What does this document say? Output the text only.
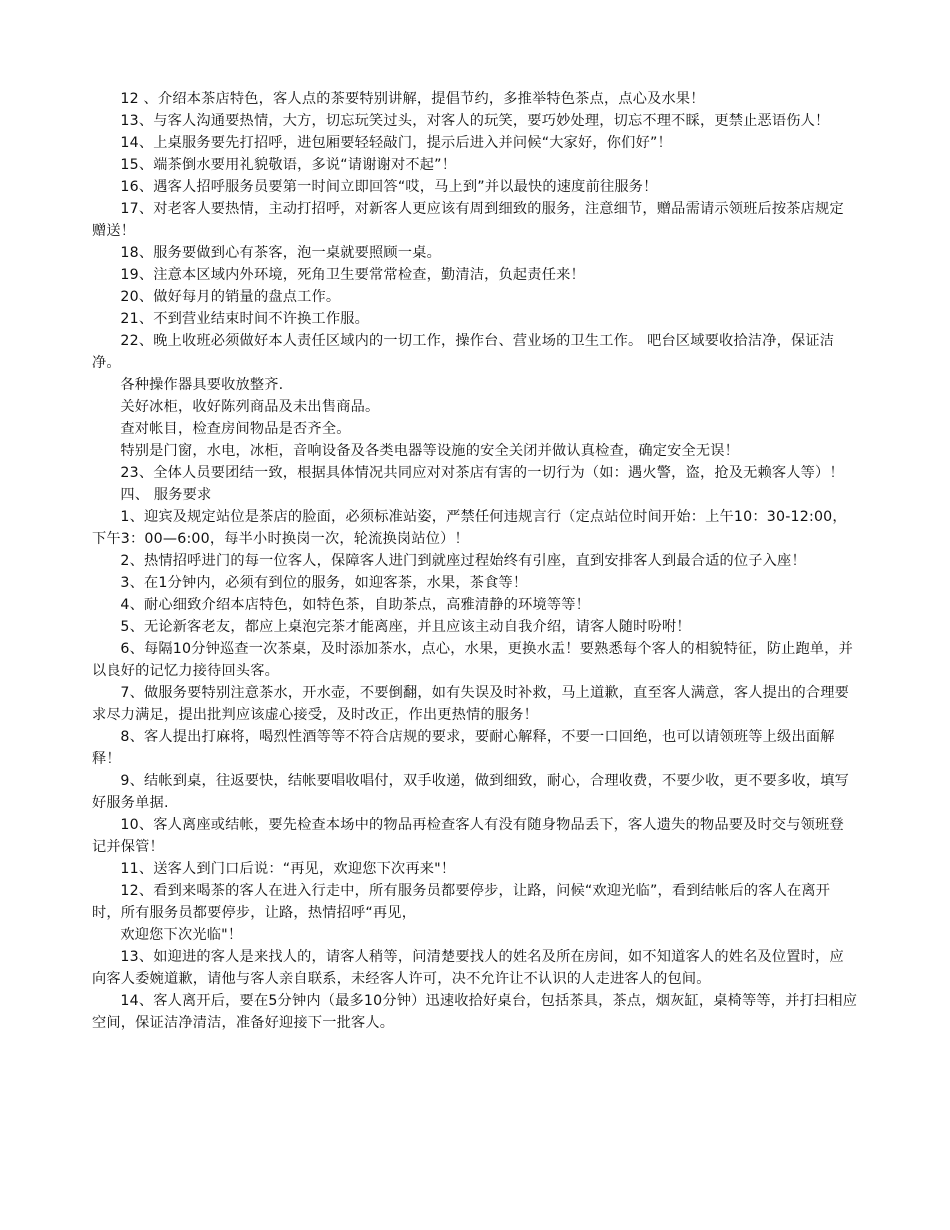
12 、介绍本茶店特色，客人点的茶要特别讲解，提倡节约，多推举特色茶点，点心及水果！

13、与客人沟通要热情，大方，切忘玩笑过头，对客人的玩笑，要巧妙处理，切忘不理不睬，更禁止恶语伤人！

14、上桌服务要先打招呼，进包厢要轻轻敲门，提示后进入并问候“大家好，你们好”！

15、端茶倒水要用礼貌敬语，多说“请谢谢对不起”！

16、遇客人招呼服务员要第一时间立即回答“哎，马上到”并以最快的速度前往服务！

17、对老客人要热情，主动打招呼，对新客人更应该有周到细致的服务，注意细节，赠品需请示领班后按茶店规定赠送！

18、服务要做到心有茶客，泡一桌就要照顾一桌。

19、注意本区域内外环境，死角卫生要常常检查，勤清洁，负起责任来！

20、做好每月的销量的盘点工作。

21、不到营业结束时间不许换工作服。

22、晚上收班必须做好本人责任区域内的一切工作，操作台、营业场的卫生工作。 吧台区域要收拾洁净，保证洁净。

各种操作器具要收放整齐.

关好冰柜，收好陈列商品及未出售商品。

查对帐目，检查房间物品是否齐全。

特别是门窗，水电，冰柜，音响设备及各类电器等设施的安全关闭并做认真检查，确定安全无误！

23、全体人员要团结一致，根据具体情况共同应对对茶店有害的一切行为（如：遇火警，盗，抢及无赖客人等）！

四、 服务要求

1、迎宾及规定站位是茶店的脸面，必须标准站姿，严禁任何违规言行（定点站位时间开始：上午10：30-12:00，下午3：00—6:00，每半小时换岗一次，轮流换岗站位）！

2、热情招呼进门的每一位客人，保障客人进门到就座过程始终有引座，直到安排客人到最合适的位子入座！

3、在1分钟内，必须有到位的服务，如迎客茶，水果，茶食等！

4、耐心细致介绍本店特色，如特色茶，自助茶点，高雅清静的环境等等！

5、无论新客老友，都应上桌泡完茶才能离座，并且应该主动自我介绍，请客人随时吩咐！

6、每隔10分钟巡查一次茶桌，及时添加茶水，点心，水果，更换水盂！要熟悉每个客人的相貌特征，防止跑单，并以良好的记忆力接待回头客。

7、做服务要特别注意茶水，开水壶，不要倒翻，如有失误及时补救，马上道歉，直至客人满意，客人提出的合理要求尽力满足，提出批判应该虚心接受，及时改正，作出更热情的服务！

8、客人提出打麻将，喝烈性酒等等不符合店规的要求，要耐心解释，不要一口回绝，也可以请领班等上级出面解释！

9、结帐到桌，往返要快，结帐要唱收唱付，双手收递，做到细致，耐心，合理收费，不要少收，更不要多收，填写好服务单据.

10、客人离座或结帐，要先检查本场中的物品再检查客人有没有随身物品丢下，客人遗失的物品要及时交与领班登记并保管！

11、送客人到门口后说：“再见，欢迎您下次再来"！

12、看到来喝茶的客人在进入行走中，所有服务员都要停步，让路，问候“欢迎光临”，看到结帐后的客人在离开时，所有服务员都要停步，让路，热情招呼“再见，

欢迎您下次光临"！

13、如迎进的客人是来找人的，请客人稍等，问清楚要找人的姓名及所在房间，如不知道客人的姓名及位置时，应向客人委婉道歉，请他与客人亲自联系，未经客人许可，决不允许让不认识的人走进客人的包间。

14、客人离开后，要在5分钟内（最多10分钟）迅速收拾好桌台，包括茶具，茶点，烟灰缸，桌椅等等，并打扫相应空间，保证洁净清洁，准备好迎接下一批客人。
